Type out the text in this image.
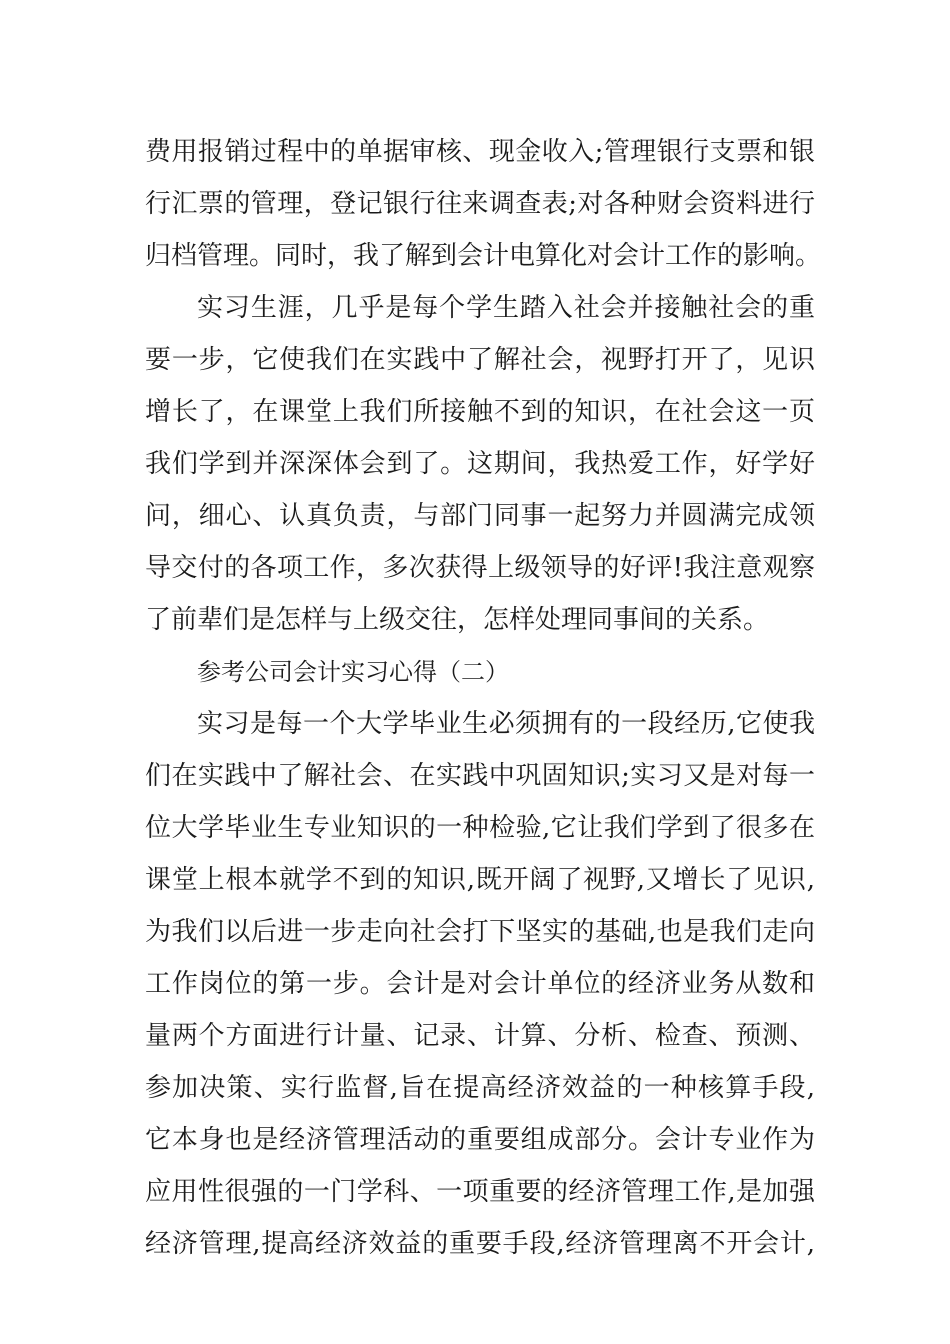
费用报销过程中的单据审核、现金收入;管理银行支票和银
行汇票的管理，登记银行往来调查表;对各种财会资料进行
归档管理。同时，我了解到会计电算化对会计工作的影响。
实习生涯，几乎是每个学生踏入社会并接触社会的重
要一步，它使我们在实践中了解社会，视野打开了，见识
增长了，在课堂上我们所接触不到的知识，在社会这一页
我们学到并深深体会到了。这期间，我热爱工作，好学好
问，细心、认真负责，与部门同事一起努力并圆满完成领
导交付的各项工作，多次获得上级领导的好评!我注意观察
了前辈们是怎样与上级交往，怎样处理同事间的关系。
参考公司会计实习心得（二）
实习是每一个大学毕业生必须拥有的一段经历,它使我
们在实践中了解社会、在实践中巩固知识;实习又是对每一
位大学毕业生专业知识的一种检验,它让我们学到了很多在
课堂上根本就学不到的知识,既开阔了视野,又增长了见识,
为我们以后进一步走向社会打下坚实的基础,也是我们走向
工作岗位的第一步。会计是对会计单位的经济业务从数和
量两个方面进行计量、记录、计算、分析、检查、预测、
参加决策、实行监督,旨在提高经济效益的一种核算手段,
它本身也是经济管理活动的重要组成部分。会计专业作为
应用性很强的一门学科、一项重要的经济管理工作,是加强
经济管理,提高经济效益的重要手段,经济管理离不开会计,
